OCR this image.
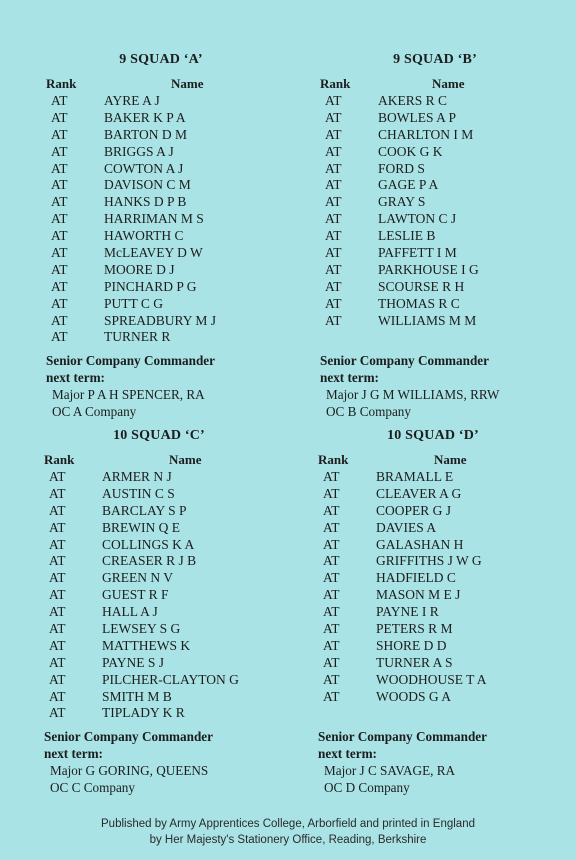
9 SQUAD ‘A’
Rank	Name
AT	AYRE A J
AT	BAKER K P A
AT	BARTON D M
AT	BRIGGS A J
AT	COWTON A J
AT	DAVISON C M
AT	HANKS D P B
AT	HARRIMAN M S
AT	HAWORTH C
AT	McLEAVEY D W
AT	MOORE D J
AT	PINCHARD P G
AT	PUTT C G
AT	SPREADBURY M J
AT	TURNER R
Senior Company Commander
next term:
Major P A H SPENCER, RA
OC A Company
9 SQUAD ‘B’
Rank	Name
AT	AKERS R C
AT	BOWLES A P
AT	CHARLTON I M
AT	COOK G K
AT	FORD S
AT	GAGE P A
AT	GRAY S
AT	LAWTON C J
AT	LESLIE B
AT	PAFFETT I M
AT	PARKHOUSE I G
AT	SCOURSE R H
AT	THOMAS R C
AT	WILLIAMS M M
Senior Company Commander
next term:
Major J G M WILLIAMS, RRW
OC B Company
10 SQUAD ‘C’
Rank	Name
AT	ARMER N J
AT	AUSTIN C S
AT	BARCLAY S P
AT	BREWIN Q E
AT	COLLINGS K A
AT	CREASER R J B
AT	GREEN N V
AT	GUEST R F
AT	HALL A J
AT	LEWSEY S G
AT	MATTHEWS K
AT	PAYNE S J
AT	PILCHER-CLAYTON G
AT	SMITH M B
AT	TIPLADY K R
Senior Company Commander
next term:
Major G GORING, QUEENS
OC C Company
10 SQUAD ‘D’
Rank	Name
AT	BRAMALL E
AT	CLEAVER A G
AT	COOPER G J
AT	DAVIES A
AT	GALASHAN H
AT	GRIFFITHS J W G
AT	HADFIELD C
AT	MASON M E J
AT	PAYNE I R
AT	PETERS R M
AT	SHORE D D
AT	TURNER A S
AT	WOODHOUSE T A
AT	WOODS G A
Senior Company Commander
next term:
Major J C SAVAGE, RA
OC D Company
Published by Army Apprentices College, Arborfield and printed in England
by Her Majesty's Stationery Office, Reading, Berkshire
